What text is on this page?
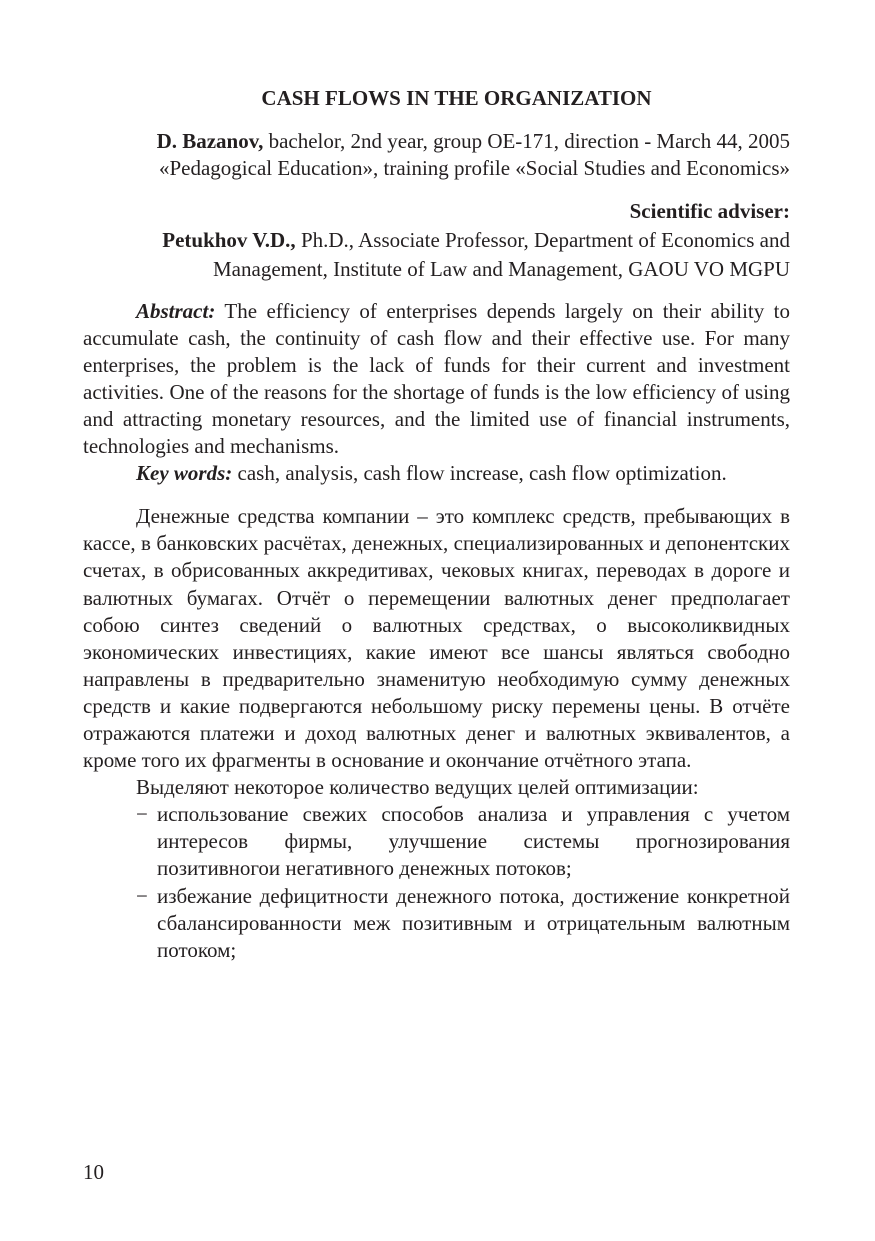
CASH FLOWS IN THE ORGANIZATION
D. Bazanov, bachelor, 2nd year, group OE-171, direction - March 44, 2005 «Pedagogical Education», training profile «Social Studies and Economics»
Scientific adviser:
Petukhov V.D., Ph.D., Associate Professor, Department of Economics and Management, Institute of Law and Management, GAOU VO MGPU

Abstract: The efficiency of enterprises depends largely on their ability to accumulate cash, the continuity of cash flow and their effective use. For many enterprises, the problem is the lack of funds for their current and investment activities. One of the reasons for the shortage of funds is the low efficiency of using and attracting monetary resources, and the limited use of financial instruments, technologies and mechanisms.

Key words: cash, analysis, cash flow increase, cash flow optimization.

Денежные средства компании – это комплекс средств, пребывающих в кассе, в банковских расчётах, денежных, специализированных и депонентских счетах, в обрисованных аккредитивах, чековых книгах, переводах в дороге и валютных бумагах. Отчёт о перемещении валютных денег предполагает собою синтез сведений о валютных средствах, о высоколиквидных экономических инвестициях, какие имеют все шансы являться свободно направлены в предварительно знаменитую необходимую сумму денежных средств и какие подвергаются небольшому риску перемены цены. В отчёте отражаются платежи и доход валютных денег и валютных эквивалентов, а кроме того их фрагменты в основание и окончание отчётного этапа.

Выделяют некоторое количество ведущих целей оптимизации:

− использование свежих способов анализа и управления с учетом интересов фирмы, улучшение системы прогнозирования позитивногои негативного денежных потоков;
− избежание дефицитности денежного потока, достижение конкретной сбалансированности меж позитивным и отрицательным валютным потоком;
10
